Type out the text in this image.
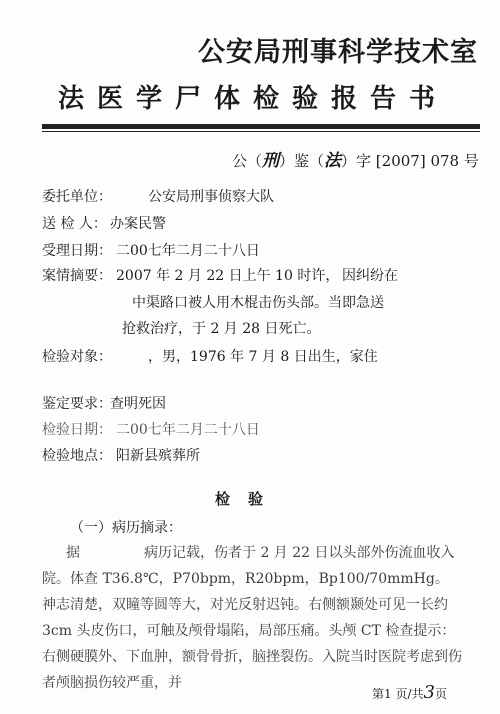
公安局刑事科学技术室
法医学尸体检验报告书
公（刑）鉴（法）字 [2007] 078 号
委托单位：	公安局刑事侦察大队
送 检 人： 办案民警
受理日期： 二00七年二月二十八日
案情摘要： 2007 年 2 月 22 日上午 10 时许， 因纠纷在
中渠路口被人用木棍击伤头部。当即急送
抢救治疗，于 2 月 28 日死亡。
检验对象：	，男，1976 年 7 月 8 日出生，家住
鉴定要求：
查明死因
检验日期： 二00七年二月二十八日
检验地点： 阳新县殡葬所
检验
（一）病历摘录：
据	病历记载，伤者于 2 月 22 日以头部外伤流血收入院。体查 T36.8℃，P70bpm，R20bpm，Bp100/70mmHg。神志清楚，双瞳等圆等大，对光反射迟钝。右侧额颞处可见一长约 3cm 头皮伤口，可触及颅骨塌陷，局部压痛。头颅 CT 检查提示：右侧硬膜外、下血肿，额骨骨折，脑挫裂伤。入院当时医院考虑到伤者颅脑损伤较严重，并
第1 页/共3页
